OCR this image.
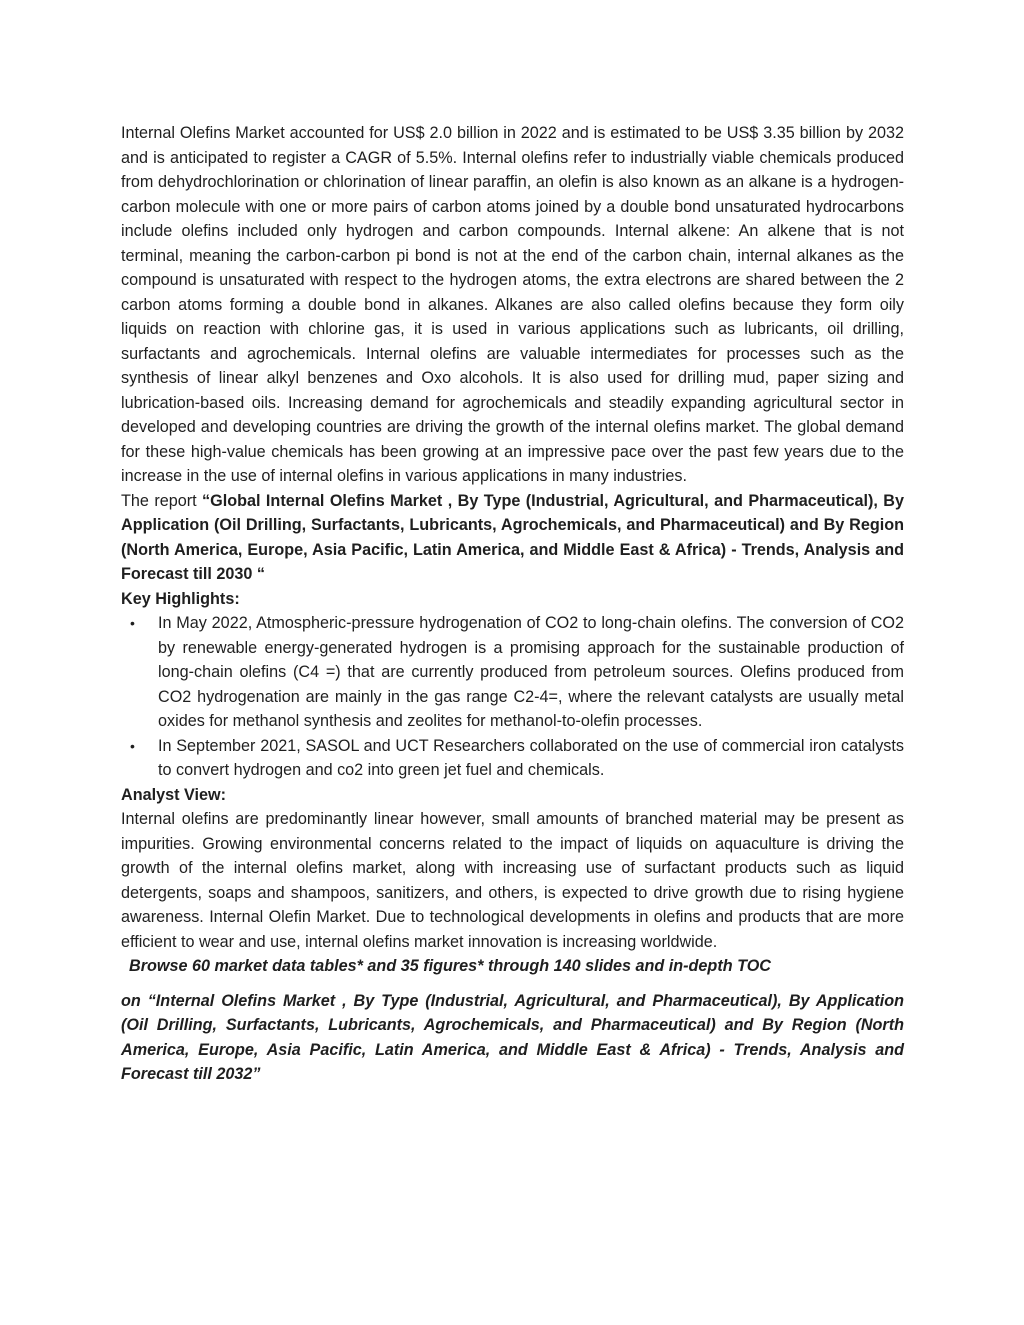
Internal Olefins Market accounted for US$ 2.0 billion in 2022 and is estimated to be US$ 3.35 billion by 2032 and is anticipated to register a CAGR of 5.5%. Internal olefins refer to industrially viable chemicals produced from dehydrochlorination or chlorination of linear paraffin, an olefin is also known as an alkane is a hydrogen-carbon molecule with one or more pairs of carbon atoms joined by a double bond unsaturated hydrocarbons include olefins included only hydrogen and carbon compounds. Internal alkene: An alkene that is not terminal, meaning the carbon-carbon pi bond is not at the end of the carbon chain, internal alkanes as the compound is unsaturated with respect to the hydrogen atoms, the extra electrons are shared between the 2 carbon atoms forming a double bond in alkanes. Alkanes are also called olefins because they form oily liquids on reaction with chlorine gas, it is used in various applications such as lubricants, oil drilling, surfactants and agrochemicals. Internal olefins are valuable intermediates for processes such as the synthesis of linear alkyl benzenes and Oxo alcohols. It is also used for drilling mud, paper sizing and lubrication-based oils. Increasing demand for agrochemicals and steadily expanding agricultural sector in developed and developing countries are driving the growth of the internal olefins market. The global demand for these high-value chemicals has been growing at an impressive pace over the past few years due to the increase in the use of internal olefins in various applications in many industries.

The report “Global Internal Olefins Market , By Type (Industrial, Agricultural, and Pharmaceutical), By Application (Oil Drilling, Surfactants, Lubricants, Agrochemicals, and Pharmaceutical) and By Region (North America, Europe, Asia Pacific, Latin America, and Middle East & Africa) - Trends, Analysis and Forecast till 2030 “

Key Highlights:

• In May 2022, Atmospheric-pressure hydrogenation of CO2 to long-chain olefins. The conversion of CO2 by renewable energy-generated hydrogen is a promising approach for the sustainable production of long-chain olefins (C4 =) that are currently produced from petroleum sources. Olefins produced from CO2 hydrogenation are mainly in the gas range C2-4=, where the relevant catalysts are usually metal oxides for methanol synthesis and zeolites for methanol-to-olefin processes.
• In September 2021, SASOL and UCT Researchers collaborated on the use of commercial iron catalysts to convert hydrogen and co2 into green jet fuel and chemicals.

Analyst View:

Internal olefins are predominantly linear however, small amounts of branched material may be present as impurities. Growing environmental concerns related to the impact of liquids on aquaculture is driving the growth of the internal olefins market, along with increasing use of surfactant products such as liquid detergents, soaps and shampoos, sanitizers, and others, is expected to drive growth due to rising hygiene awareness. Internal Olefin Market. Due to technological developments in olefins and products that are more efficient to wear and use, internal olefins market innovation is increasing worldwide.

Browse 60 market data tables* and 35 figures* through 140 slides and in-depth TOC
on “Internal Olefins Market , By Type (Industrial, Agricultural, and Pharmaceutical), By Application (Oil Drilling, Surfactants, Lubricants, Agrochemicals, and Pharmaceutical) and By Region (North America, Europe, Asia Pacific, Latin America, and Middle East & Africa) - Trends, Analysis and Forecast till 2032”
